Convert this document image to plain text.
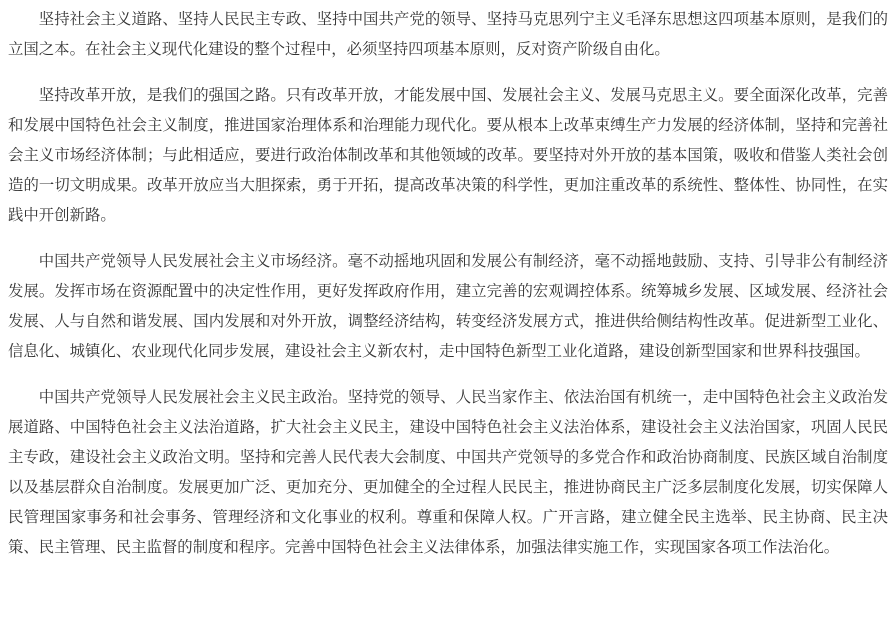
坚持社会主义道路、坚持人民民主专政、坚持中国共产党的领导、坚持马克思列宁主义毛泽东思想这四项基本原则，是我们的立国之本。在社会主义现代化建设的整个过程中，必须坚持四项基本原则，反对资产阶级自由化。

坚持改革开放，是我们的强国之路。只有改革开放，才能发展中国、发展社会主义、发展马克思主义。要全面深化改革，完善和发展中国特色社会主义制度，推进国家治理体系和治理能力现代化。要从根本上改革束缚生产力发展的经济体制，坚持和完善社会主义市场经济体制；与此相适应，要进行政治体制改革和其他领域的改革。要坚持对外开放的基本国策，吸收和借鉴人类社会创造的一切文明成果。改革开放应当大胆探索，勇于开拓，提高改革决策的科学性，更加注重改革的系统性、整体性、协同性，在实践中开创新路。

中国共产党领导人民发展社会主义市场经济。毫不动摇地巩固和发展公有制经济，毫不动摇地鼓励、支持、引导非公有制经济发展。发挥市场在资源配置中的决定性作用，更好发挥政府作用，建立完善的宏观调控体系。统筹城乡发展、区域发展、经济社会发展、人与自然和谐发展、国内发展和对外开放，调整经济结构，转变经济发展方式，推进供给侧结构性改革。促进新型工业化、信息化、城镇化、农业现代化同步发展，建设社会主义新农村，走中国特色新型工业化道路，建设创新型国家和世界科技强国。

中国共产党领导人民发展社会主义民主政治。坚持党的领导、人民当家作主、依法治国有机统一，走中国特色社会主义政治发展道路、中国特色社会主义法治道路，扩大社会主义民主，建设中国特色社会主义法治体系，建设社会主义法治国家，巩固人民民主专政，建设社会主义政治文明。坚持和完善人民代表大会制度、中国共产党领导的多党合作和政治协商制度、民族区域自治制度以及基层群众自治制度。发展更加广泛、更加充分、更加健全的全过程人民民主，推进协商民主广泛多层制度化发展，切实保障人民管理国家事务和社会事务、管理经济和文化事业的权利。尊重和保障人权。广开言路，建立健全民主选举、民主协商、民主决策、民主管理、民主监督的制度和程序。完善中国特色社会主义法律体系，加强法律实施工作，实现国家各项工作法治化。
